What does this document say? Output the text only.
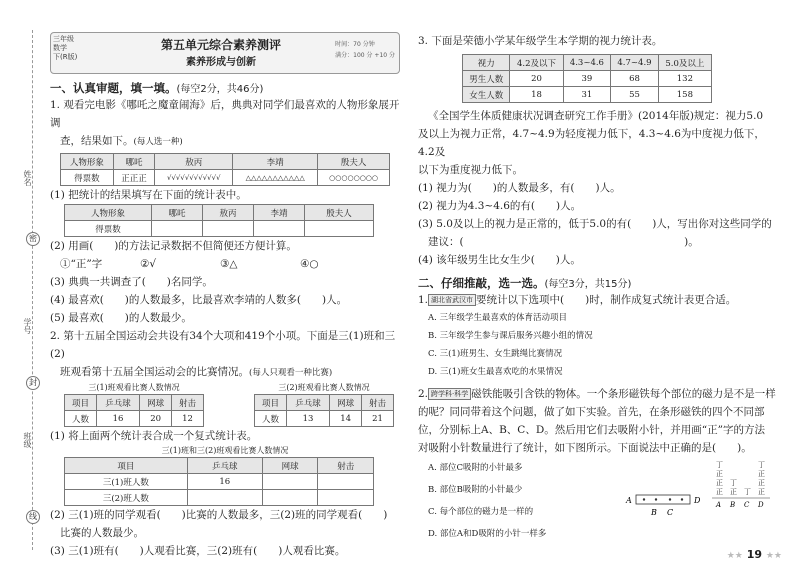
姓名
密
学号
封
班级
线
三年级
数学
下(R版)
第五单元综合素养测评
素养形成与创新
时间：70 分钟
满分：100 分 +10 分
一、认真审题，填一填。(每空2分，共46分)

1. 观看完电影《哪吒之魔童闹海》后，典典对同学们最喜欢的人物形象展开调

查，结果如下。(每人选一种)

人物形象	哪吒	敖丙	李靖	殷夫人
得票数	正正正	√√√√√√√√√√√√	△△△△△△△△△△△	○○○○○○○○

(1) 把统计的结果填写在下面的统计表中。

人物形象	哪吒	敖丙	李靖	殷夫人
得票数				

(2) 用画(　　)的方法记录数据不但简便还方便计算。

①“正”字	②√	③△	④○

(3) 典典一共调查了(　　)名同学。

(4) 最喜欢(　　)的人数最多，比最喜欢李靖的人数多(　　)人。

(5) 最喜欢(　　)的人数最少。

2. 第十五届全国运动会共设有34个大项和419个小项。下面是三(1)班和三(2)

班观看第十五届全国运动会的比赛情况。(每人只观看一种比赛)

三(1)班观看比赛人数情况
项目	乒乓球	网球	射击
人数	16	20	12
三(2)班观看比赛人数情况
项目	乒乓球	网球	射击
人数	13	14	21

(1) 将上面两个统计表合成一个复式统计表。

三(1)班和三(2)班观看比赛人数情况
项目	乒乓球	网球	射击
三(1)班人数	16		
三(2)班人数			

(2) 三(1)班的同学观看(　　)比赛的人数最多，三(2)班的同学观看(　　)

比赛的人数最少。

(3) 三(1)班有(　　)人观看比赛，三(2)班有(　　)人观看比赛。

3. 下面是荣德小学某年级学生本学期的视力统计表。

视力	4.2及以下	4.3~4.6	4.7~4.9	5.0及以上
男生人数	20	39	68	132
女生人数	18	31	55	158

《全国学生体质健康状况调查研究工作手册》(2014年版)规定：视力5.0

及以上为视力正常，4.7~4.9为轻度视力低下，4.3~4.6为中度视力低下，4.2及

以下为重度视力低下。

(1) 视力为(　　)的人数最多，有(　　)人。

(2) 视力为4.3~4.6的有(　　)人。

(3) 5.0及以上的视力是正常的，低于5.0的有(　　)人，写出你对这些同学的

建议：(　　　　　　　　　　　　　　　　　　　　　)。

(4) 该年级男生比女生少(　　)人。

二、仔细推敲，选一选。(每空3分，共15分)

1. 湖北省武汉市 要统计以下选项中(　　)时，制作成复式统计表更合适。

A. 三年级学生最喜欢的体育活动项目

B. 三年级学生参与课后服务兴趣小组的情况

C. 三(1)班男生、女生跳绳比赛情况

D. 三(1)班女生最喜欢吃的水果情况

2. 跨学科·科学 磁铁能吸引含铁的物体。一个条形磁铁每个部位的磁力是不是一样

的呢？同同带着这个问题，做了如下实验。首先，在条形磁铁的四个不同部

位，分别标上A、B、C、D。然后用它们去吸附小针，并用画“正”字的方法

对吸附小针数量进行了统计，如下图所示。下面说法中正确的是(　　)。

A. 部位C吸附的小针最多

B. 部位B吸附的小针最少

C. 每个部位的磁力是一样的

D. 部位A和D吸附的小针一样多

A	D
B C
丁
正
正
正
丁
正 丁
丁
正
正
正
A B C D
★★ 19 ★★
